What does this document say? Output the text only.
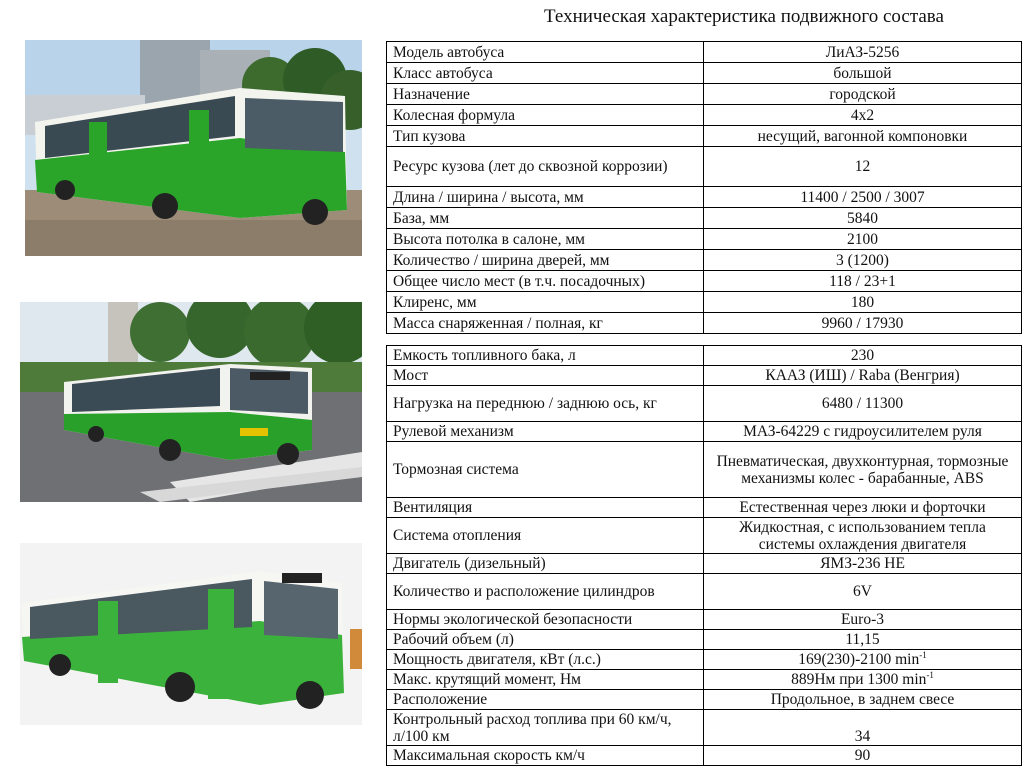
Техническая характеристика подвижного состава
Модель автобуса	ЛиАЗ-5256
Класс автобуса	большой
Назначение	городской
Колесная формула	4x2
Тип кузова	несущий, вагонной компоновки
Ресурс кузова (лет до сквозной коррозии)	12
Длина / ширина / высота, мм	11400 / 2500 / 3007
База, мм	5840
Высота потолка в салоне, мм	2100
Количество / ширина дверей, мм	3 (1200)
Общее число мест (в т.ч. посадочных)	118 / 23+1
Клиренс, мм	180
Масса снаряженная / полная, кг	9960 / 17930
Емкость топливного бака, л	230
Мост	КААЗ (ИШ) / Raba (Венгрия)
Нагрузка на переднюю / заднюю ось, кг	6480 / 11300
Рулевой механизм	МАЗ-64229 с гидроусилителем руля
Тормозная система	Пневматическая, двухконтурная, тормозные механизмы колес - барабанные, ABS
Вентиляция	Естественная через люки и форточки
Система отопления	Жидкостная, с использованием тепла системы охлаждения двигателя
Двигатель (дизельный)	ЯМЗ-236 НЕ
Количество и расположение цилиндров	6V
Нормы экологической безопасности	Euro-3
Рабочий объем (л)	11,15
Мощность двигателя, кВт (л.с.)	169(230)-2100 $\min^{-1}$
Макс. крутящий момент, Нм	889Нм при 1300 $\min^{-1}$
Расположение	Продольное, в заднем свесе
Контрольный расход топлива при 60 км/ч, л/100 км	34
Максимальная скорость км/ч	90
